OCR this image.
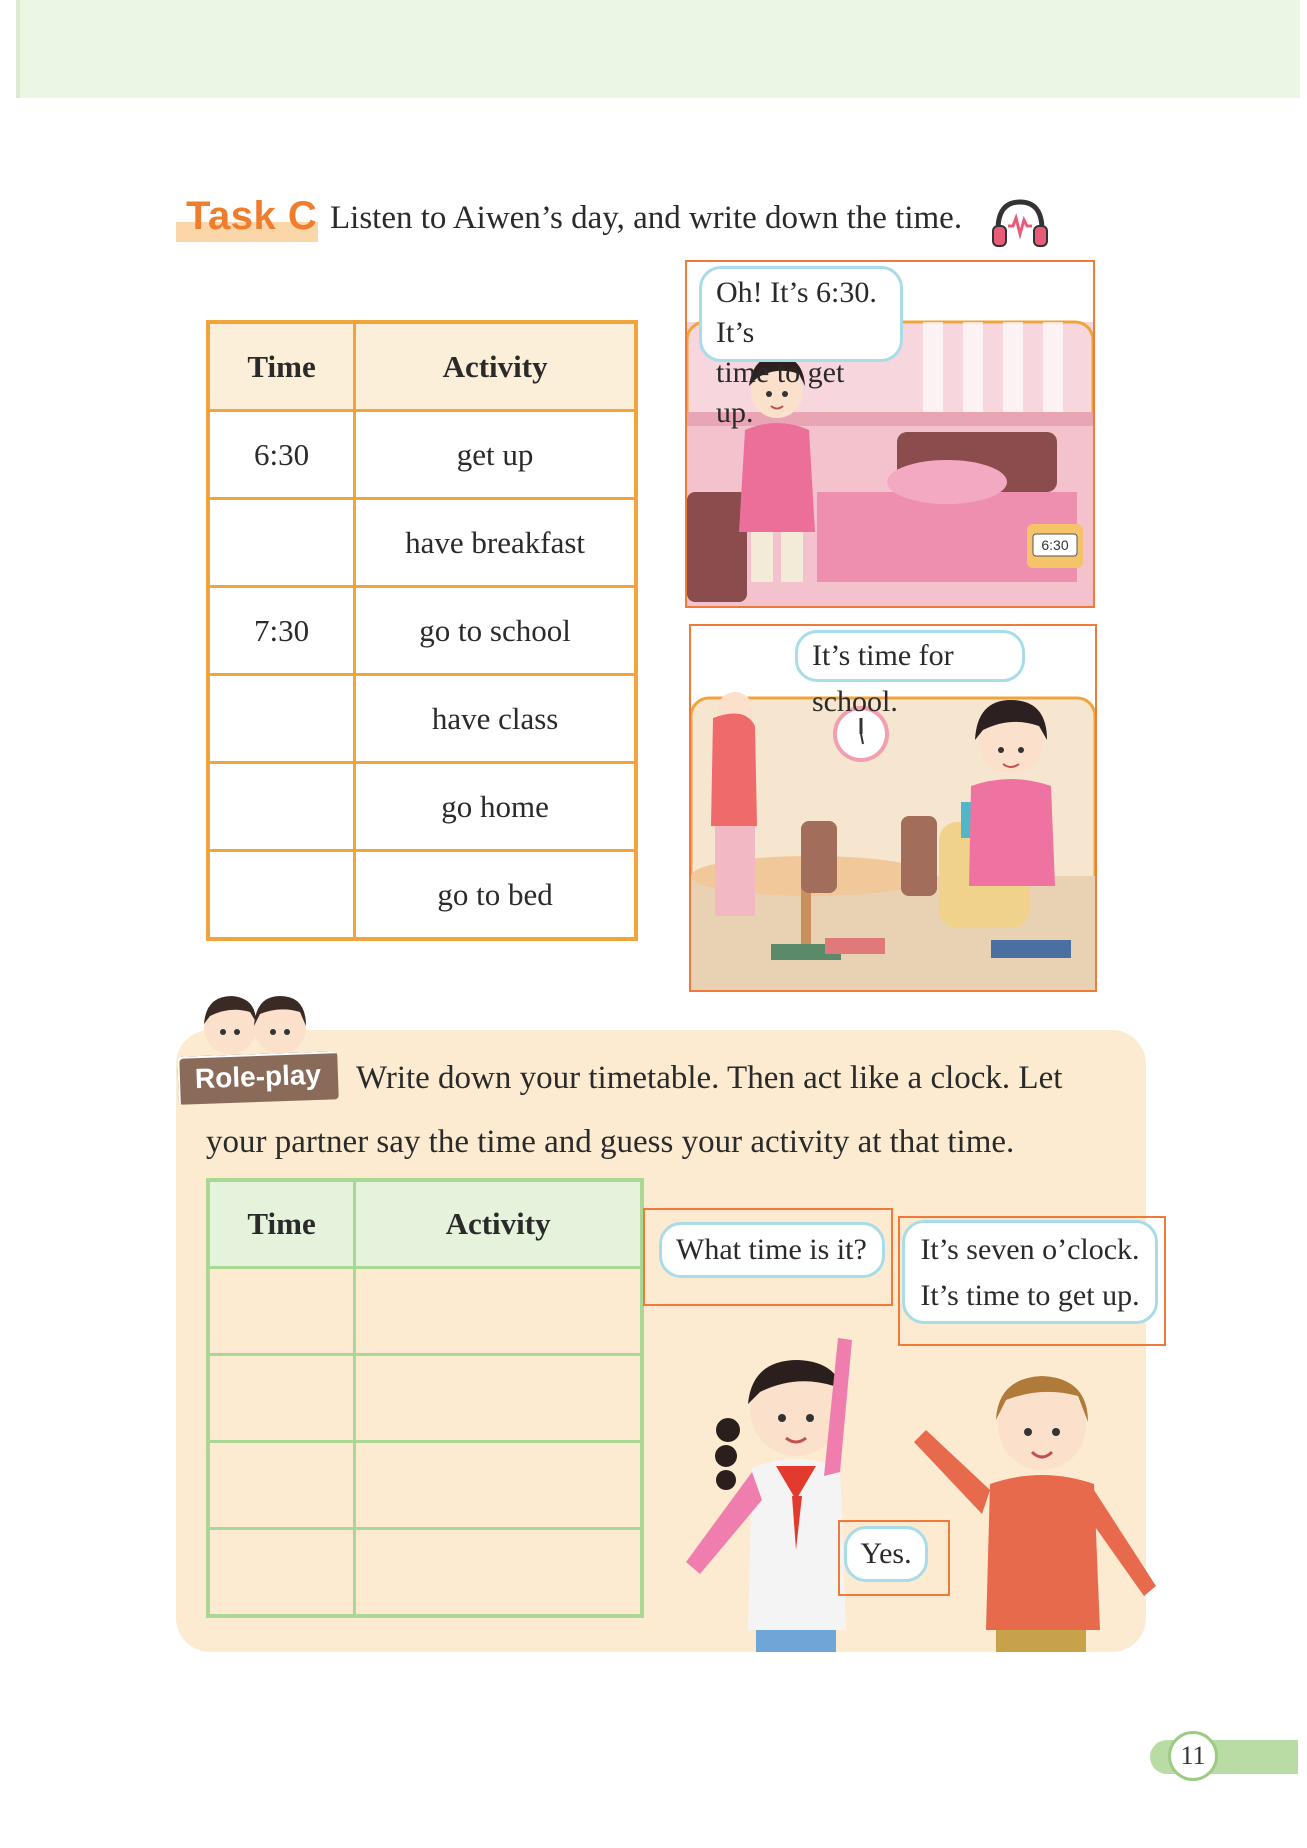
Task C Listen to Aiwen’s day, and write down the time.
Time	Activity
6:30	get up
	have breakfast
7:30	go to school
	have class
	go home
	go to bed
6:30
Oh! It’s 6:30. It’s
time to get up.
It’s time for school.
Role-play	Write down your timetable. Then act like a clock. Let
your partner say the time and guess your activity at that time.
Time	Activity

What time is it?	It’s seven o’clock.
It’s time to get up.
Yes.
11
